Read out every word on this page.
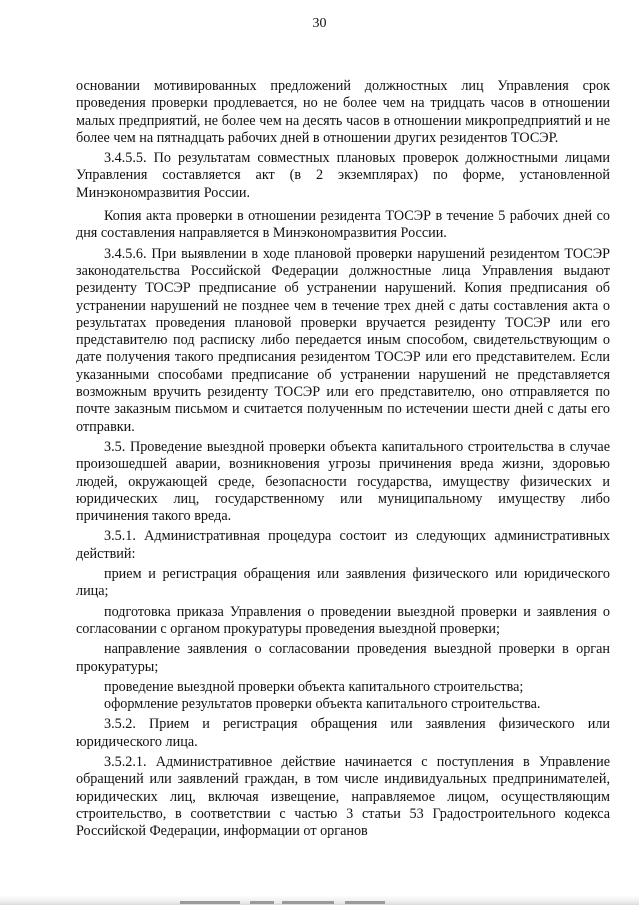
30

основании мотивированных предложений должностных лиц Управления срок проведения проверки продлевается, но не более чем на тридцать часов в отношении малых предприятий, не более чем на десять часов в отношении микропредприятий и не более чем на пятнадцать рабочих дней в отношении других резидентов ТОСЭР.

3.4.5.5. По результатам совместных плановых проверок должностными лицами Управления составляется акт (в 2 экземплярах) по форме, установленной Минэкономразвития России.

Копия акта проверки в отношении резидента ТОСЭР в течение 5 рабочих дней со дня составления направляется в Минэкономразвития России.

3.4.5.6. При выявлении в ходе плановой проверки нарушений резидентом ТОСЭР законодательства Российской Федерации должностные лица Управления выдают резиденту ТОСЭР предписание об устранении нарушений. Копия предписания об устранении нарушений не позднее чем в течение трех дней с даты составления акта о результатах проведения плановой проверки вручается резиденту ТОСЭР или его представителю под расписку либо передается иным способом, свидетельствующим о дате получения такого предписания резидентом ТОСЭР или его представителем. Если указанными способами предписание об устранении нарушений не представляется возможным вручить резиденту ТОСЭР или его представителю, оно отправляется по почте заказным письмом и считается полученным по истечении шести дней с даты его отправки.

3.5. Проведение выездной проверки объекта капитального строительства в случае произошедшей аварии, возникновения угрозы причинения вреда жизни, здоровью людей, окружающей среде, безопасности государства, имуществу физических и юридических лиц, государственному или муниципальному имуществу либо причинения такого вреда.

3.5.1. Административная процедура состоит из следующих административных действий:

прием и регистрация обращения или заявления физического или юридического лица;

подготовка приказа Управления о проведении выездной проверки и заявления о согласовании с органом прокуратуры проведения выездной проверки;

направление заявления о согласовании проведения выездной проверки в орган прокуратуры;

проведение выездной проверки объекта капитального строительства;

оформление результатов проверки объекта капитального строительства.

3.5.2. Прием и регистрация обращения или заявления физического или юридического лица.

3.5.2.1. Административное действие начинается с поступления в Управление обращений или заявлений граждан, в том числе индивидуальных предпринимателей, юридических лиц, включая извещение, направляемое лицом, осуществляющим строительство, в соответствии с частью 3 статьи 53 Градостроительного кодекса Российской Федерации, информации от органов
